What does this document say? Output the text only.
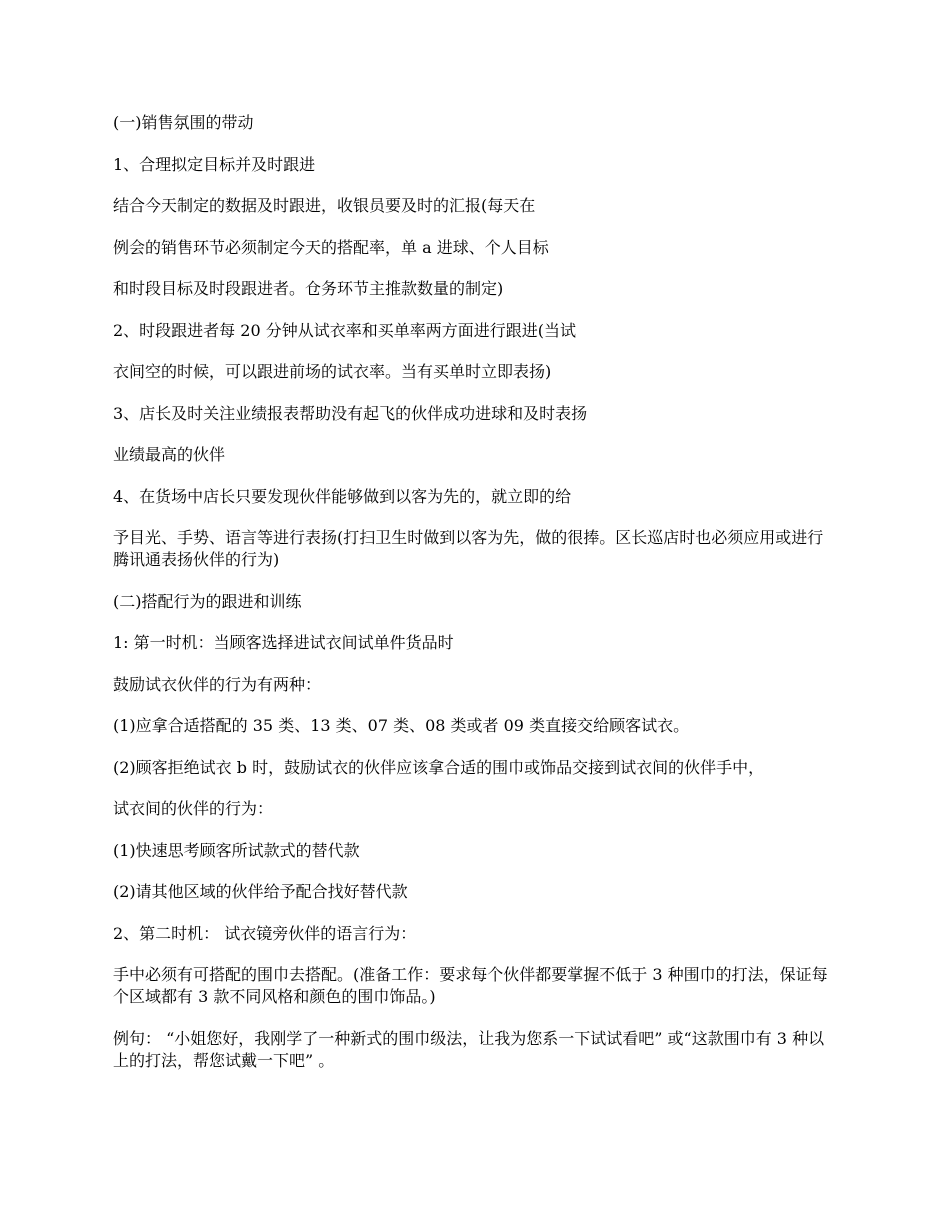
(一)销售氛围的带动

1、合理拟定目标并及时跟进

结合今天制定的数据及时跟进，收银员要及时的汇报(每天在

例会的销售环节必须制定今天的搭配率，单 a 进球、个人目标

和时段目标及时段跟进者。仓务环节主推款数量的制定)

2、时段跟进者每 20 分钟从试衣率和买单率两方面进行跟进(当试

衣间空的时候，可以跟进前场的试衣率。当有买单时立即表扬)

3、店长及时关注业绩报表帮助没有起飞的伙伴成功进球和及时表扬

业绩最高的伙伴

4、在货场中店长只要发现伙伴能够做到以客为先的，就立即的给

予目光、手势、语言等进行表扬(打扫卫生时做到以客为先，做的很捧。区长巡店时也必须应用或进行腾讯通表扬伙伴的行为)

(二)搭配行为的跟进和训练

1: 第一时机：当顾客选择进试衣间试单件货品时

鼓励试衣伙伴的行为有两种：

(1)应拿合适搭配的 35 类、13 类、07 类、08 类或者 09 类直接交给顾客试衣。

(2)顾客拒绝试衣 b 时，鼓励试衣的伙伴应该拿合适的围巾或饰品交接到试衣间的伙伴手中，

试衣间的伙伴的行为：

(1)快速思考顾客所试款式的替代款

(2)请其他区域的伙伴给予配合找好替代款

2、第二时机： 试衣镜旁伙伴的语言行为：

手中必须有可搭配的围巾去搭配。(准备工作：要求每个伙伴都要掌握不低于 3 种围巾的打法，保证每个区域都有 3 款不同风格和颜色的围巾饰品。)

例句： “小姐您好，我刚学了一种新式的围巾级法，让我为您系一下试试看吧” 或“这款围巾有 3 种以上的打法，帮您试戴一下吧” 。
